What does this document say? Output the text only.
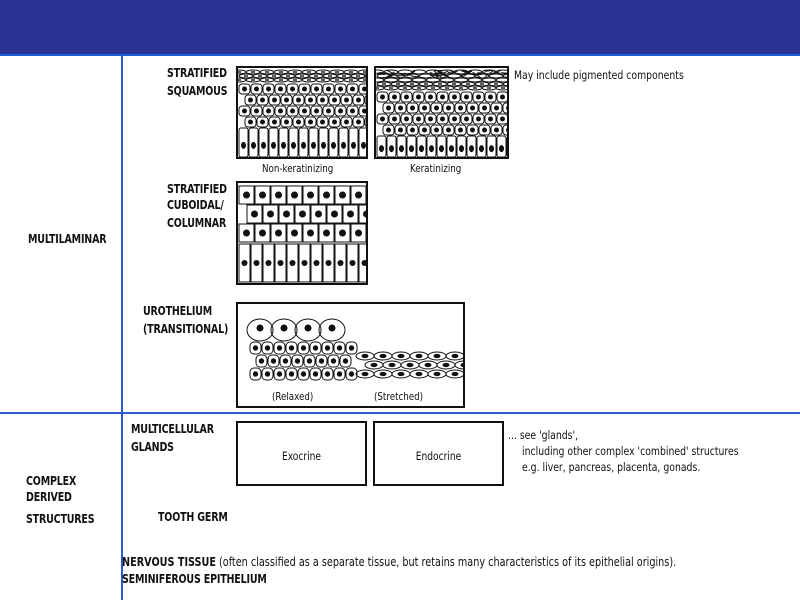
MULTILAMINAR
COMPLEX
DERIVED
STRUCTURES
STRATIFIED
SQUAMOUS
May include pigmented components
Non-keratinizing	Keratinizing
STRATIFIED
CUBOIDAL/
COLUMNAR
UROTHELIUM
(TRANSITIONAL)
(Relaxed)	(Stretched)
MULTICELLULAR
GLANDS
Exocrine	Endocrine
... see 'glands',
including other complex 'combined' structures
e.g. liver, pancreas, placenta, gonads.
TOOTH GERM
NERVOUS TISSUE (often classified as a separate tissue, but retains many characteristics of its epithelial origins).
SEMINIFEROUS EPITHELIUM
